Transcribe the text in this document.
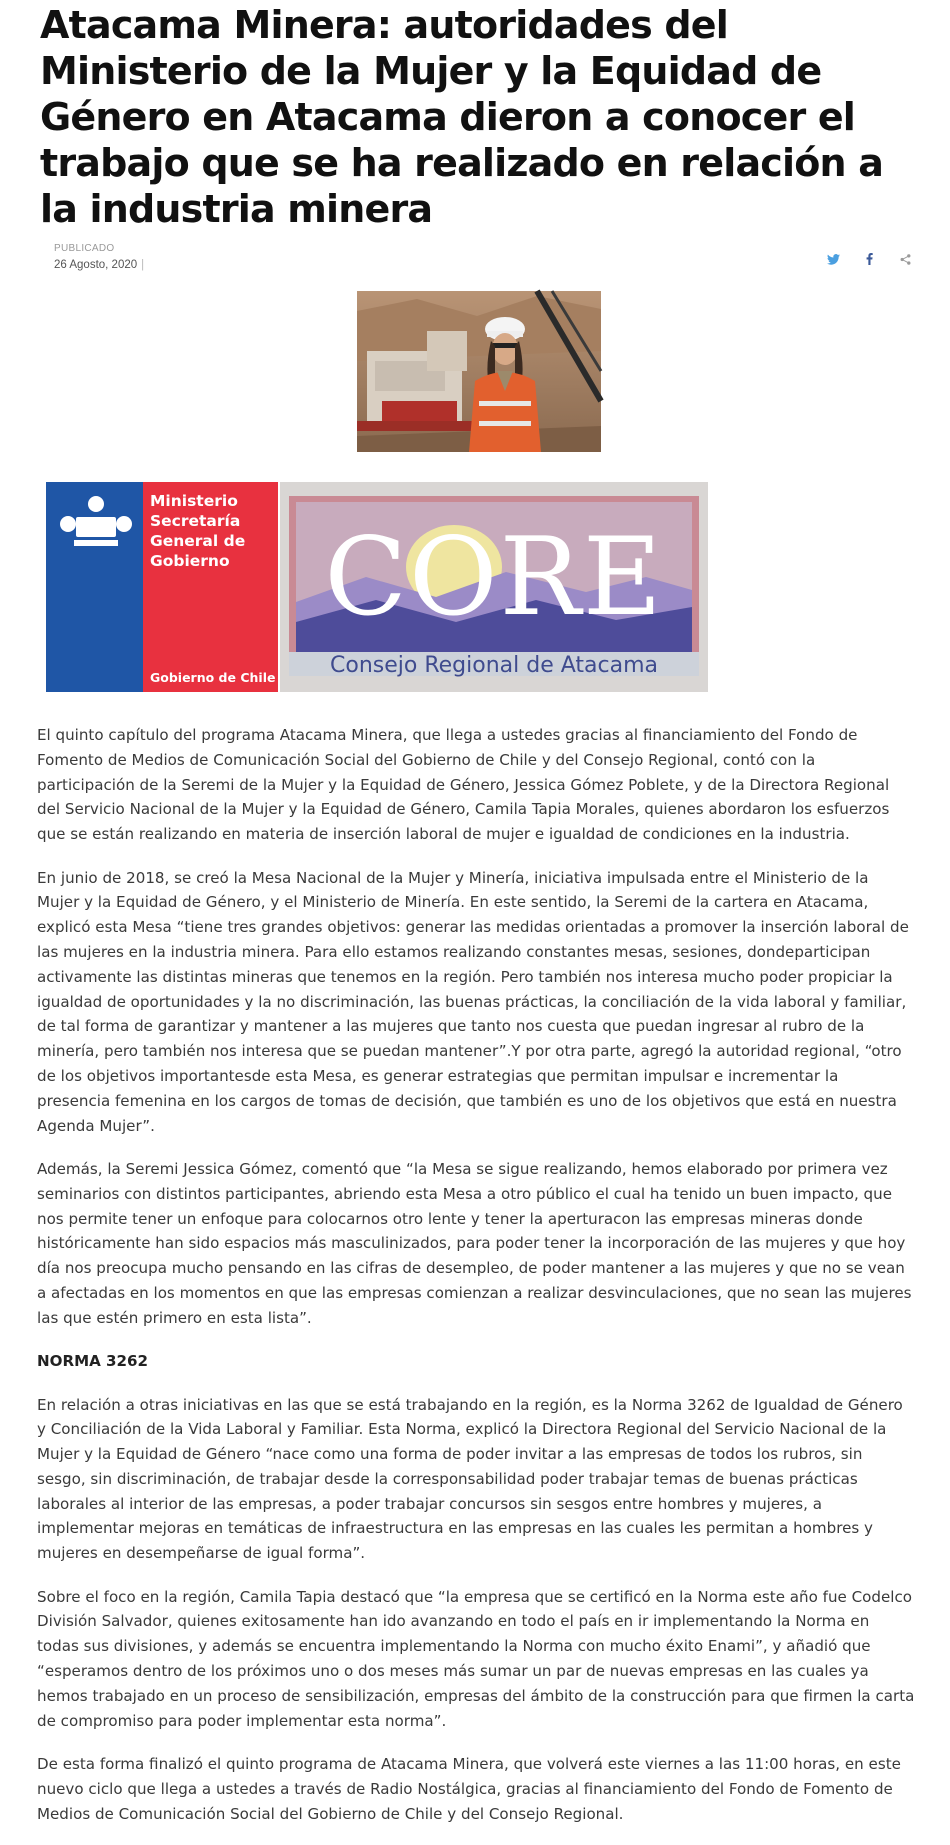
Atacama Minera: autoridades del Ministerio de la Mujer y la Equidad de Género en Atacama dieron a conocer el trabajo que se ha realizado en relación a la industria minera
PUBLICADO
26 Agosto, 2020 |
Ministerio
Secretaría
General de
Gobierno
Gobierno de Chile
CORE
Consejo Regional de Atacama

El quinto capítulo del programa Atacama Minera, que llega a ustedes gracias al financiamiento del Fondo de Fomento de Medios de Comunicación Social del Gobierno de Chile y del Consejo Regional, contó con la participación de la Seremi de la Mujer y la Equidad de Género, Jessica Gómez Poblete, y de la Directora Regional del Servicio Nacional de la Mujer y la Equidad de Género, Camila Tapia Morales, quienes abordaron los esfuerzos que se están realizando en materia de inserción laboral de mujer e igualdad de condiciones en la industria.

En junio de 2018, se creó la Mesa Nacional de la Mujer y Minería, iniciativa impulsada entre el Ministerio de la Mujer y la Equidad de Género, y el Ministerio de Minería. En este sentido, la Seremi de la cartera en Atacama, explicó esta Mesa “tiene tres grandes objetivos: generar las medidas orientadas a promover la inserción laboral de las mujeres en la industria minera. Para ello estamos realizando constantes mesas, sesiones, dondeparticipan activamente las distintas mineras que tenemos en la región. Pero también nos interesa mucho poder propiciar la igualdad de oportunidades y la no discriminación, las buenas prácticas, la conciliación de la vida laboral y familiar, de tal forma de garantizar y mantener a las mujeres que tanto nos cuesta que puedan ingresar al rubro de la minería, pero también nos interesa que se puedan mantener”.Y por otra parte, agregó la autoridad regional, “otro de los objetivos importantesde esta Mesa, es generar estrategias que permitan impulsar e incrementar la presencia femenina en los cargos de tomas de decisión, que también es uno de los objetivos que está en nuestra Agenda Mujer”.

Además, la Seremi Jessica Gómez, comentó que “la Mesa se sigue realizando, hemos elaborado por primera vez seminarios con distintos participantes, abriendo esta Mesa a otro público el cual ha tenido un buen impacto, que nos permite tener un enfoque para colocarnos otro lente y tener la aperturacon las empresas mineras donde históricamente han sido espacios más masculinizados, para poder tener la incorporación de las mujeres y que hoy día nos preocupa mucho pensando en las cifras de desempleo, de poder mantener a las mujeres y que no se vean a afectadas en los momentos en que las empresas comienzan a realizar desvinculaciones, que no sean las mujeres las que estén primero en esta lista”.

NORMA 3262

En relación a otras iniciativas en las que se está trabajando en la región, es la Norma 3262 de Igualdad de Género y Conciliación de la Vida Laboral y Familiar. Esta Norma, explicó la Directora Regional del Servicio Nacional de la Mujer y la Equidad de Género “nace como una forma de poder invitar a las empresas de todos los rubros, sin sesgo, sin discriminación, de trabajar desde la corresponsabilidad poder trabajar temas de buenas prácticas laborales al interior de las empresas, a poder trabajar concursos sin sesgos entre hombres y mujeres, a implementar mejoras en temáticas de infraestructura en las empresas en las cuales les permitan a hombres y mujeres en desempeñarse de igual forma”.

Sobre el foco en la región, Camila Tapia destacó que “la empresa que se certificó en la Norma este año fue Codelco División Salvador, quienes exitosamente han ido avanzando en todo el país en ir implementando la Norma en todas sus divisiones, y además se encuentra implementando la Norma con mucho éxito Enami”, y añadió que “esperamos dentro de los próximos uno o dos meses más sumar un par de nuevas empresas en las cuales ya hemos trabajado en un proceso de sensibilización, empresas del ámbito de la construcción para que firmen la carta de compromiso para poder implementar esta norma”.

De esta forma finalizó el quinto programa de Atacama Minera, que volverá este viernes a las 11:00 horas, en este nuevo ciclo que llega a ustedes a través de Radio Nostálgica, gracias al financiamiento del Fondo de Fomento de Medios de Comunicación Social del Gobierno de Chile y del Consejo Regional.
